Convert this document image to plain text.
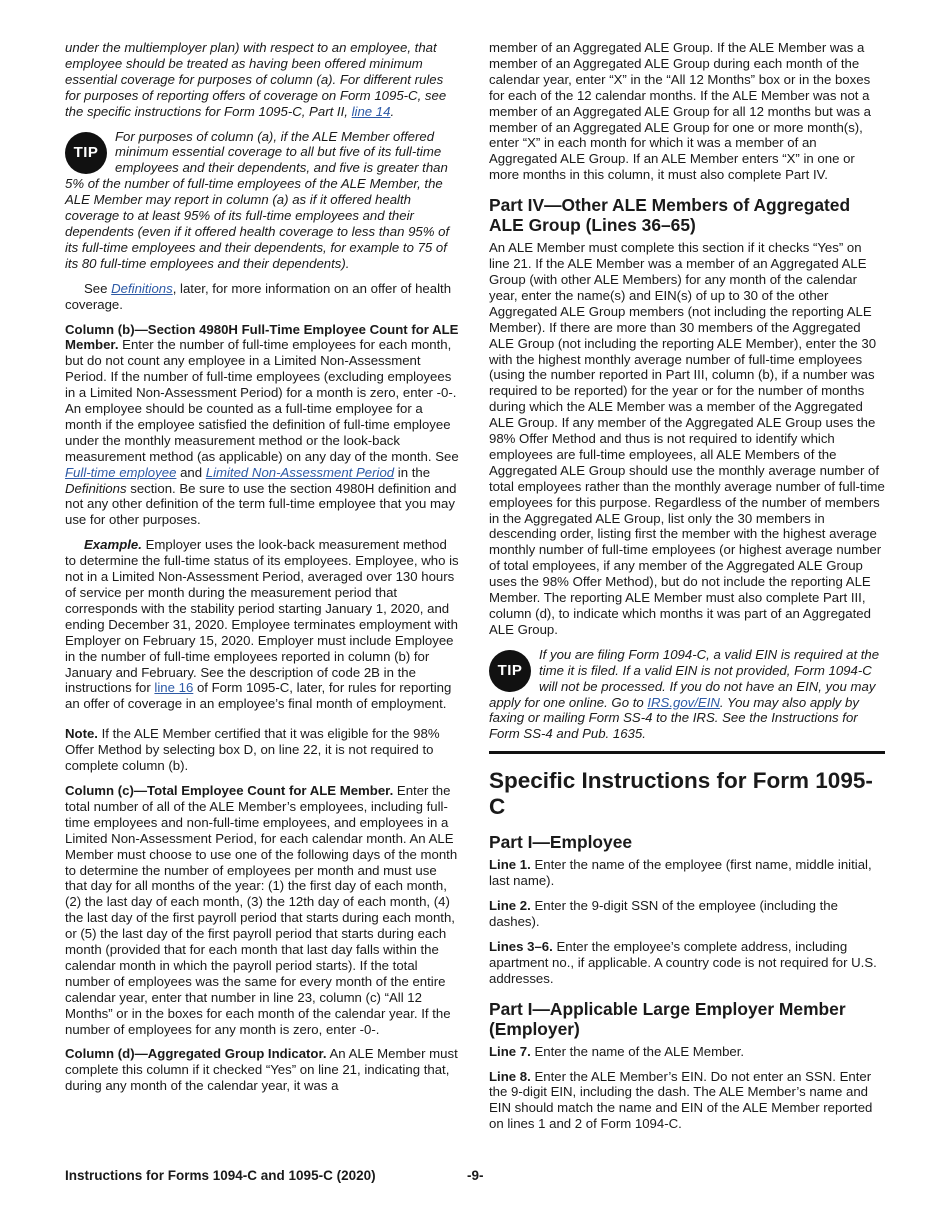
under the multiemployer plan) with respect to an employee, that employee should be treated as having been offered minimum essential coverage for purposes of column (a). For different rules for purposes of reporting offers of coverage on Form 1095-C, see the specific instructions for Form 1095-C, Part II, line 14.

TIP
For purposes of column (a), if the ALE Member offered minimum essential coverage to all but five of its full-time employees and their dependents, and five is greater than 5% of the number of full-time employees of the ALE Member, the ALE Member may report in column (a) as if it offered health coverage to at least 95% of its full-time employees and their dependents (even if it offered health coverage to less than 95% of its full-time employees and their dependents, for example to 75 of its 80 full-time employees and their dependents).

See Definitions, later, for more information on an offer of health coverage.

Column (b)—Section 4980H Full-Time Employee Count for ALE Member. Enter the number of full-time employees for each month, but do not count any employee in a Limited Non-Assessment Period. If the number of full-time employees (excluding employees in a Limited Non-Assessment Period) for a month is zero, enter -0-. An employee should be counted as a full-time employee for a month if the employee satisfied the definition of full-time employee under the monthly measurement method or the look-back measurement method (as applicable) on any day of the month. See Full-time employee and Limited Non-Assessment Period in the Definitions section. Be sure to use the section 4980H definition and not any other definition of the term full-time employee that you may use for other purposes.

Example. Employer uses the look-back measurement method to determine the full-time status of its employees. Employee, who is not in a Limited Non-Assessment Period, averaged over 130 hours of service per month during the measurement period that corresponds with the stability period starting January 1, 2020, and ending December 31, 2020. Employee terminates employment with Employer on February 15, 2020. Employer must include Employee in the number of full-time employees reported in column (b) for January and February. See the description of code 2B in the instructions for line 16 of Form 1095-C, later, for rules for reporting an offer of coverage in an employee’s final month of employment.

Note. If the ALE Member certified that it was eligible for the 98% Offer Method by selecting box D, on line 22, it is not required to complete column (b).

Column (c)—Total Employee Count for ALE Member. Enter the total number of all of the ALE Member’s employees, including full-time employees and non-full-time employees, and employees in a Limited Non-Assessment Period, for each calendar month. An ALE Member must choose to use one of the following days of the month to determine the number of employees per month and must use that day for all months of the year: (1) the first day of each month, (2) the last day of each month, (3) the 12th day of each month, (4) the last day of the first payroll period that starts during each month, or (5) the last day of the first payroll period that starts during each month (provided that for each month that last day falls within the calendar month in which the payroll period starts). If the total number of employees was the same for every month of the entire calendar year, enter that number in line 23, column (c) “All 12 Months” or in the boxes for each month of the calendar year. If the number of employees for any month is zero, enter -0-.

Column (d)—Aggregated Group Indicator. An ALE Member must complete this column if it checked “Yes” on line 21, indicating that, during any month of the calendar year, it was a

member of an Aggregated ALE Group. If the ALE Member was a member of an Aggregated ALE Group during each month of the calendar year, enter “X” in the “All 12 Months” box or in the boxes for each of the 12 calendar months. If the ALE Member was not a member of an Aggregated ALE Group for all 12 months but was a member of an Aggregated ALE Group for one or more month(s), enter “X” in each month for which it was a member of an Aggregated ALE Group. If an ALE Member enters “X” in one or more months in this column, it must also complete Part IV.

Part IV—Other ALE Members of Aggregated ALE Group (Lines 36–65)

An ALE Member must complete this section if it checks “Yes” on line 21. If the ALE Member was a member of an Aggregated ALE Group (with other ALE Members) for any month of the calendar year, enter the name(s) and EIN(s) of up to 30 of the other Aggregated ALE Group members (not including the reporting ALE Member). If there are more than 30 members of the Aggregated ALE Group (not including the reporting ALE Member), enter the 30 with the highest monthly average number of full-time employees (using the number reported in Part III, column (b), if a number was required to be reported) for the year or for the number of months during which the ALE Member was a member of the Aggregated ALE Group. If any member of the Aggregated ALE Group uses the 98% Offer Method and thus is not required to identify which employees are full-time employees, all ALE Members of the Aggregated ALE Group should use the monthly average number of total employees rather than the monthly average number of full-time employees for this purpose. Regardless of the number of members in the Aggregated ALE Group, list only the 30 members in descending order, listing first the member with the highest average monthly number of full-time employees (or highest average number of total employees, if any member of the Aggregated ALE Group uses the 98% Offer Method), but do not include the reporting ALE Member. The reporting ALE Member must also complete Part III, column (d), to indicate which months it was part of an Aggregated ALE Group.

TIP
If you are filing Form 1094-C, a valid EIN is required at the time it is filed. If a valid EIN is not provided, Form 1094-C will not be processed. If you do not have an EIN, you may apply for one online. Go to IRS.gov/EIN. You may also apply by faxing or mailing Form SS-4 to the IRS. See the Instructions for Form SS-4 and Pub. 1635.
Specific Instructions for Form 1095-C
Part I—Employee

Line 1. Enter the name of the employee (first name, middle initial, last name).

Line 2. Enter the 9-digit SSN of the employee (including the dashes).

Lines 3–6. Enter the employee’s complete address, including apartment no., if applicable. A country code is not required for U.S. addresses.

Part I—Applicable Large Employer Member (Employer)

Line 7. Enter the name of the ALE Member.

Line 8. Enter the ALE Member’s EIN. Do not enter an SSN. Enter the 9-digit EIN, including the dash. The ALE Member’s name and EIN should match the name and EIN of the ALE Member reported on lines 1 and 2 of Form 1094-C.

Instructions for Forms 1094-C and 1095-C (2020)	-9-
